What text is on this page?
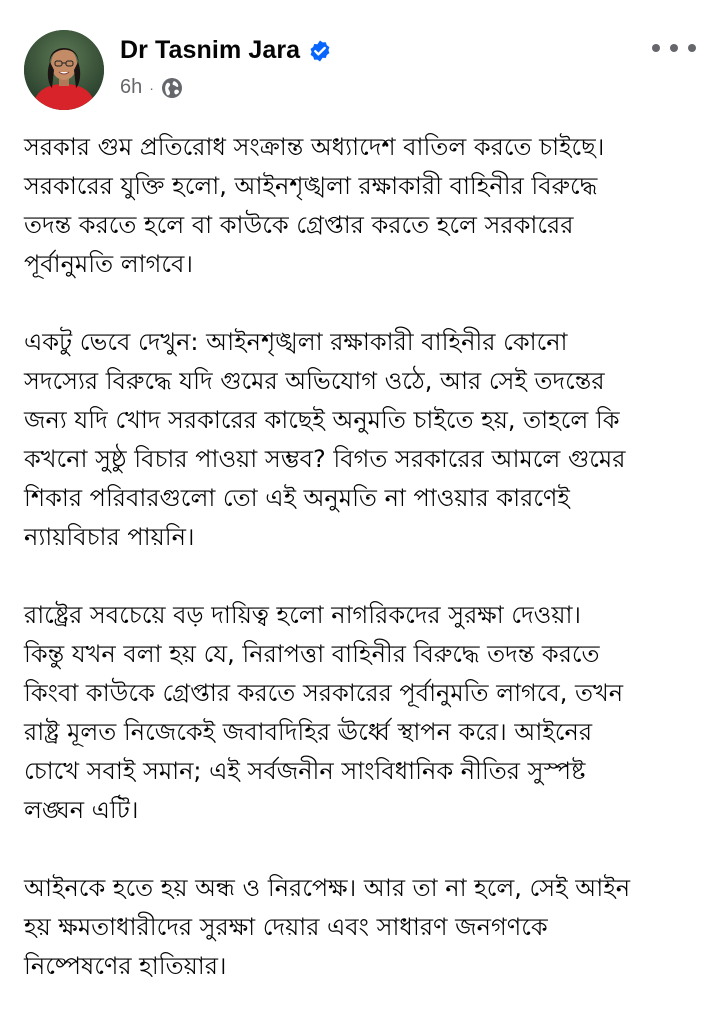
Dr Tasnim Jara
6h ·

সরকার গুম প্রতিরোধ সংক্রান্ত অধ্যাদেশ বাতিল করতে চাইছে।
সরকারের যুক্তি হলো, আইনশৃঙ্খলা রক্ষাকারী বাহিনীর বিরুদ্ধে
তদন্ত করতে হলে বা কাউকে গ্রেপ্তার করতে হলে সরকারের
পূর্বানুমতি লাগবে।

একটু ভেবে দেখুন: আইনশৃঙ্খলা রক্ষাকারী বাহিনীর কোনো
সদস্যের বিরুদ্ধে যদি গুমের অভিযোগ ওঠে, আর সেই তদন্তের
জন্য যদি খোদ সরকারের কাছেই অনুমতি চাইতে হয়, তাহলে কি
কখনো সুষ্ঠু বিচার পাওয়া সম্ভব? বিগত সরকারের আমলে গুমের
শিকার পরিবারগুলো তো এই অনুমতি না পাওয়ার কারণেই
ন্যায়বিচার পায়নি।

রাষ্ট্রের সবচেয়ে বড় দায়িত্ব হলো নাগরিকদের সুরক্ষা দেওয়া।
কিন্তু যখন বলা হয় যে, নিরাপত্তা বাহিনীর বিরুদ্ধে তদন্ত করতে
কিংবা কাউকে গ্রেপ্তার করতে সরকারের পূর্বানুমতি লাগবে, তখন
রাষ্ট্র মূলত নিজেকেই জবাবদিহির ঊর্ধ্বে স্থাপন করে। আইনের
চোখে সবাই সমান; এই সর্বজনীন সাংবিধানিক নীতির সুস্পষ্ট
লঙ্ঘন এটি।

আইনকে হতে হয় অন্ধ ও নিরপেক্ষ। আর তা না হলে, সেই আইন
হয় ক্ষমতাধারীদের সুরক্ষা দেয়ার এবং সাধারণ জনগণকে
নিষ্পেষণের হাতিয়ার।
